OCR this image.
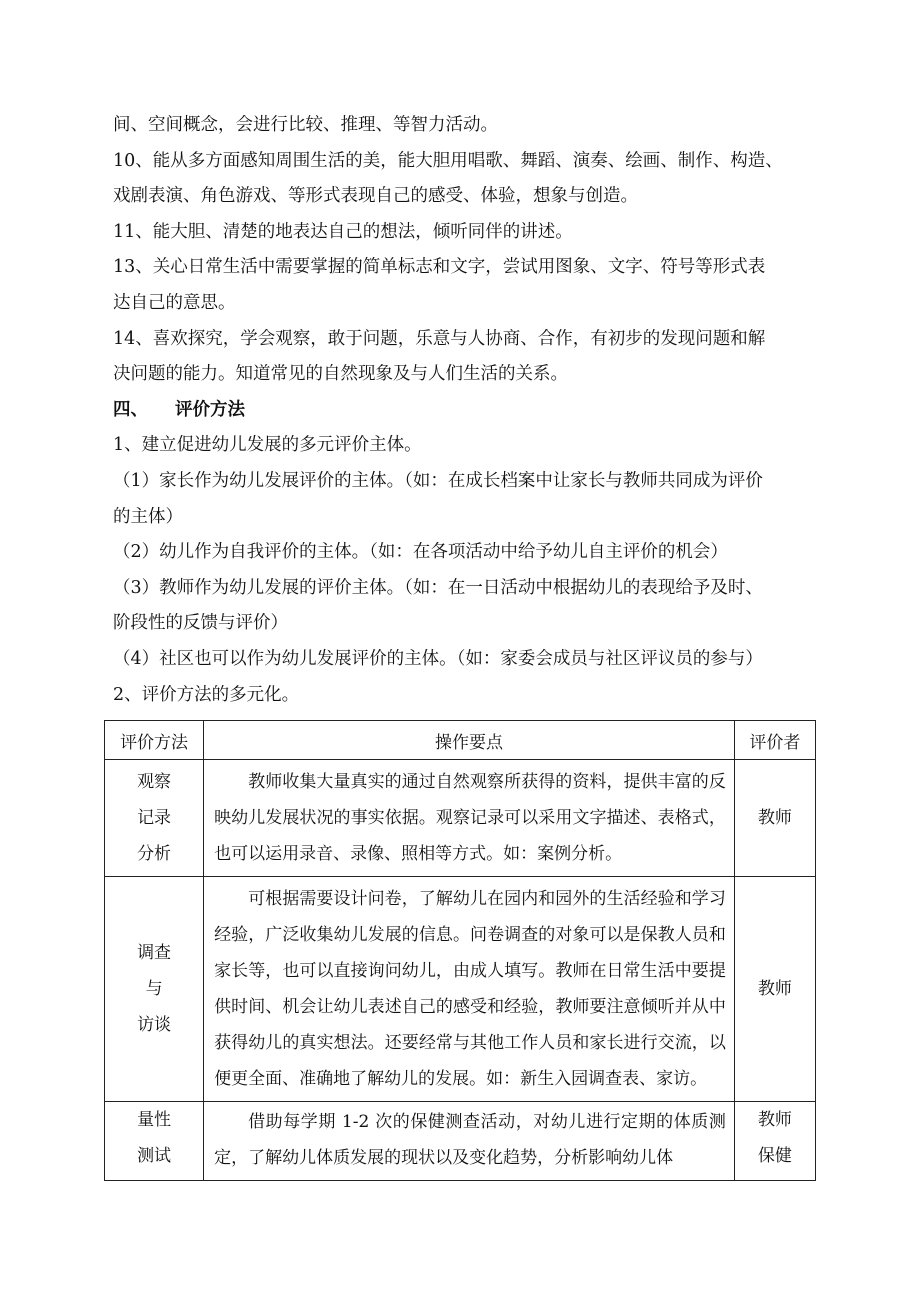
间、空间概念，会进行比较、推理、等智力活动。
10、能从多方面感知周围生活的美，能大胆用唱歌、舞蹈、演奏、绘画、制作、构造、
戏剧表演、角色游戏、等形式表现自己的感受、体验，想象与创造。
11、能大胆、清楚的地表达自己的想法，倾听同伴的讲述。
13、关心日常生活中需要掌握的简单标志和文字，尝试用图象、文字、符号等形式表
达自己的意思。
14、喜欢探究，学会观察，敢于问题，乐意与人协商、合作，有初步的发现问题和解
决问题的能力。知道常见的自然现象及与人们生活的关系。
四、 评价方法
1、建立促进幼儿发展的多元评价主体。
（1）家长作为幼儿发展评价的主体。（如：在成长档案中让家长与教师共同成为评价
的主体）
（2）幼儿作为自我评价的主体。（如：在各项活动中给予幼儿自主评价的机会）
（3）教师作为幼儿发展的评价主体。（如：在一日活动中根据幼儿的表现给予及时、
阶段性的反馈与评价）
（4）社区也可以作为幼儿发展评价的主体。（如：家委会成员与社区评议员的参与）
2、评价方法的多元化。
评价方法	操作要点	评价者

观察
记录
分析	教师收集大量真实的通过自然观察所获得的资料，提供丰富的反映幼儿发展状况的事实依据。观察记录可以采用文字描述、表格式，也可以运用录音、录像、照相等方式。如：案例分析。	教师

调查
与
访谈	可根据需要设计问卷，了解幼儿在园内和园外的生活经验和学习经验，广泛收集幼儿发展的信息。问卷调查的对象可以是保教人员和家长等，也可以直接询问幼儿，由成人填写。教师在日常生活中要提供时间、机会让幼儿表述自己的感受和经验，教师要注意倾听并从中获得幼儿的真实想法。还要经常与其他工作人员和家长进行交流，以便更全面、准确地了解幼儿的发展。如：新生入园调查表、家访。	教师

量性
测试	借助每学期 1-2 次的保健测查活动，对幼儿进行定期的体质测定，了解幼儿体质发展的现状以及变化趋势，分析影响幼儿体	教师
保健
